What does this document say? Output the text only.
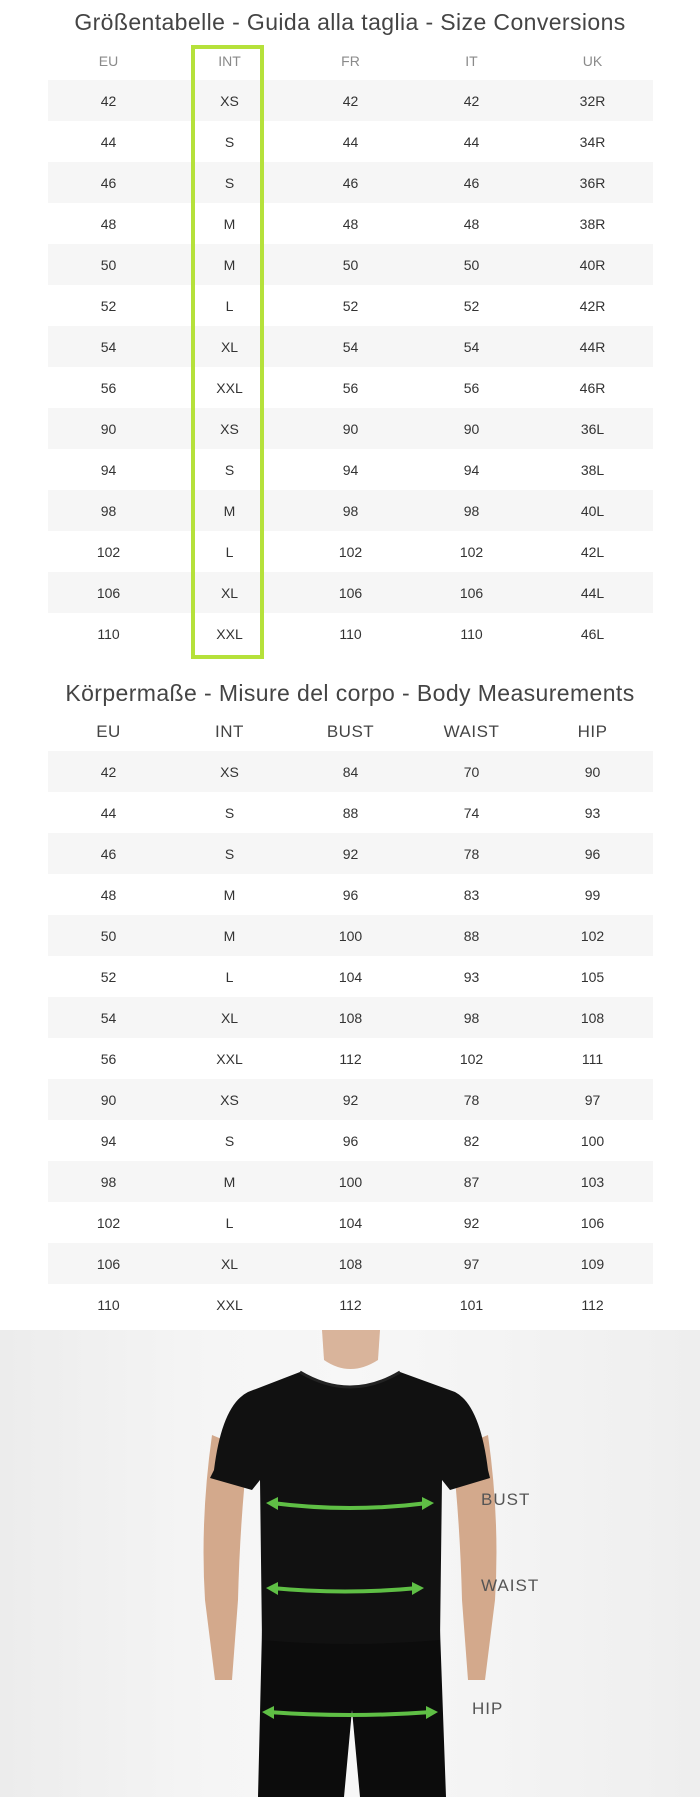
Größentabelle - Guida alla taglia - Size Conversions
EU	INT	FR	IT	UK
42	XS	42	42	32R
44	S	44	44	34R
46	S	46	46	36R
48	M	48	48	38R
50	M	50	50	40R
52	L	52	52	42R
54	XL	54	54	44R
56	XXL	56	56	46R
90	XS	90	90	36L
94	S	94	94	38L
98	M	98	98	40L
102	L	102	102	42L
106	XL	106	106	44L
110	XXL	110	110	46L
Körpermaße - Misure del corpo - Body Measurements
EU	INT	BUST	WAIST	HIP
42	XS	84	70	90
44	S	88	74	93
46	S	92	78	96
48	M	96	83	99
50	M	100	88	102
52	L	104	93	105
54	XL	108	98	108
56	XXL	112	102	111
90	XS	92	78	97
94	S	96	82	100
98	M	100	87	103
102	L	104	92	106
106	XL	108	97	109
110	XXL	112	101	112
BUST
WAIST
HIP
